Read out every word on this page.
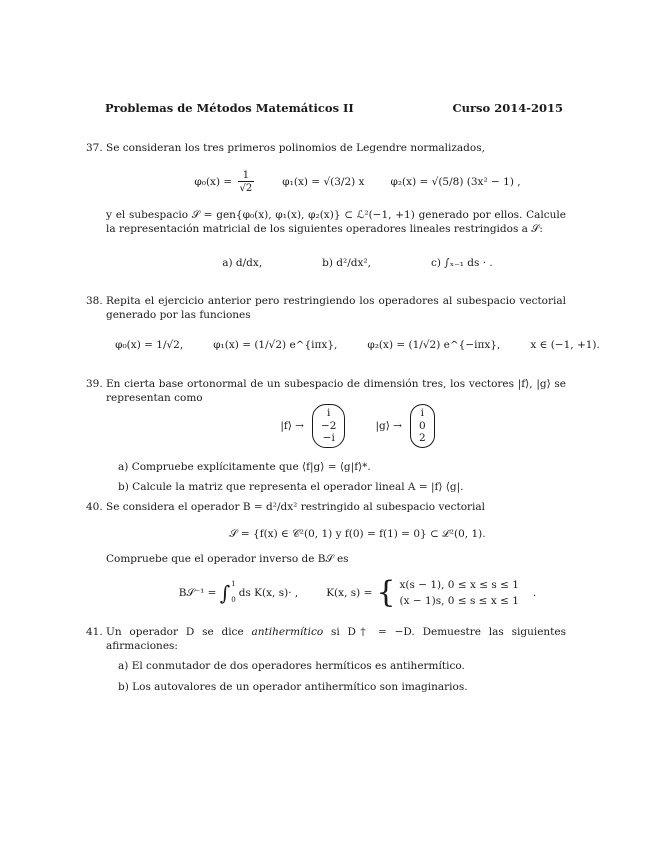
Problemas de Métodos Matemáticos II	Curso 2014-2015
37. Se consideran los tres primeros polinomios de Legendre normalizados,
$\varphi_0(x) = \frac{1}{√2}$	φ₁(x) = √(3/2) x φ₂(x) = √(5/8) (3x² − 1) ,
y el subespacio 𝒮 = gen{φ₀(x), φ₁(x), φ₂(x)} ⊂ ℒ²(−1, +1) generado por ellos. Calcule la representación matricial de los siguientes operadores lineales restringidos a 𝒮:
a) d/dx,	b) d²/dx²,	c) ∫ₓ₋₁ ds · .
38. Repita el ejercicio anterior pero restringiendo los operadores al subespacio vectorial generado por las funciones
φ₀(x) = 1/√2,	φ₁(x) = (1/√2) e^{iπx},	φ₂(x) = (1/√2) e^{−iπx},	x ∈ (−1, +1).
39. En cierta base ortonormal de un subespacio de dimensión tres, los vectores |f⟩, |g⟩ se representan como
|f⟩ →
i
−2
−i
|g⟩ →
i
0
2
a) Compruebe explícitamente que ⟨f|g⟩ = ⟨g|f⟩*.
b) Calcule la matriz que representa el operador lineal A = |f⟩ ⟨g|.
40. Se considera el operador B = d²/dx² restringido al subespacio vectorial
𝒮 = {f(x) ∈ 𝒞²(0, 1) y f(0) = f(1) = 0} ⊂ ℒ²(0, 1).
Compruebe que el operador inverso de B𝒮 es
B𝒮⁻¹ =
∫ 1
0
ds K(x, s)· ,	K(x, s) = { x(s − 1), 0 ≤ x ≤ s ≤ 1
(x − 1)s, 0 ≤ s ≤ x ≤ 1
.
41. Un operador D se dice antihermítico si D† = −D. Demuestre las siguientes afirmaciones:
a) El conmutador de dos operadores hermíticos es antihermítico.
b) Los autovalores de un operador antihermítico son imaginarios.
